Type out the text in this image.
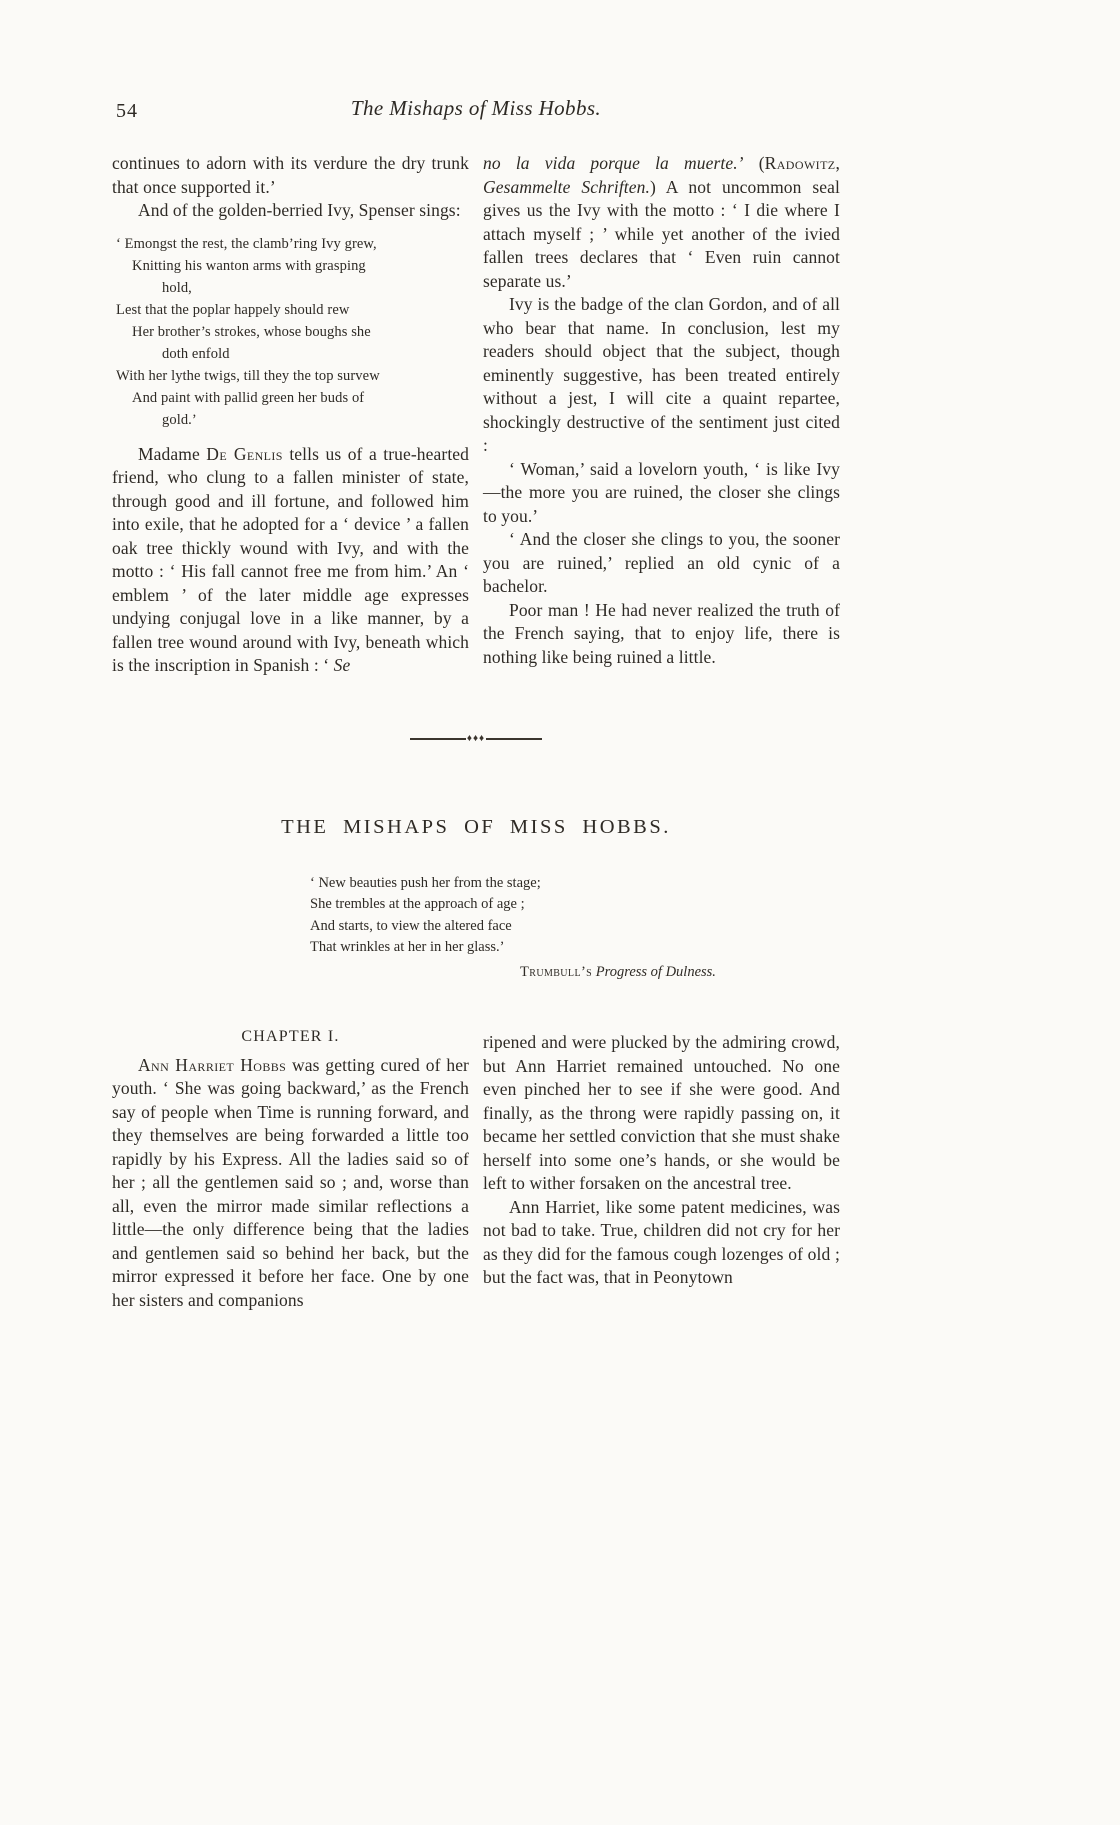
54	The Mishaps of Miss Hobbs.

continues to adorn with its verdure the dry trunk that once supported it.’

And of the golden-berried Ivy, Spenser sings:

‘ Emongst the rest, the clamb’ring Ivy grew,
Knitting his wanton arms with grasping
hold,
Lest that the poplar happely should rew
Her brother’s strokes, whose boughs she
doth enfold
With her lythe twigs, till they the top survew
And paint with pallid green her buds of
gold.’

Madame De Genlis tells us of a true-hearted friend, who clung to a fallen minister of state, through good and ill fortune, and followed him into exile, that he adopted for a ‘ device ’ a fallen oak tree thickly wound with Ivy, and with the motto : ‘ His fall cannot free me from him.’ An ‘ emblem ’ of the later middle age expresses undying conjugal love in a like manner, by a fallen tree wound around with Ivy, beneath which is the inscription in Spanish : ‘ Se

no la vida porque la muerte.’ (Radowitz, Gesammelte Schriften.) A not uncommon seal gives us the Ivy with the motto : ‘ I die where I attach myself ; ’ while yet another of the ivied fallen trees declares that ‘ Even ruin cannot separate us.’

Ivy is the badge of the clan Gordon, and of all who bear that name. In conclusion, lest my readers should object that the subject, though eminently suggestive, has been treated entirely without a jest, I will cite a quaint repartee, shockingly destructive of the sentiment just cited :

‘ Woman,’ said a lovelorn youth, ‘ is like Ivy—the more you are ruined, the closer she clings to you.’

‘ And the closer she clings to you, the sooner you are ruined,’ replied an old cynic of a bachelor.

Poor man ! He had never realized the truth of the French saying, that to enjoy life, there is nothing like being ruined a little.

♦♦♦
THE MISHAPS OF MISS HOBBS.
‘ New beauties push her from the stage;
She trembles at the approach of age ;
And starts, to view the altered face
That wrinkles at her in her glass.’
Trumbull’s Progress of Dulness.
CHAPTER I.

Ann Harriet Hobbs was getting cured of her youth. ‘ She was going backward,’ as the French say of people when Time is running forward, and they themselves are being forwarded a little too rapidly by his Express. All the ladies said so of her ; all the gentlemen said so ; and, worse than all, even the mirror made similar reflections a little—the only difference being that the ladies and gentlemen said so behind her back, but the mirror expressed it before her face. One by one her sisters and companions

ripened and were plucked by the admiring crowd, but Ann Harriet remained untouched. No one even pinched her to see if she were good. And finally, as the throng were rapidly passing on, it became her settled conviction that she must shake herself into some one’s hands, or she would be left to wither forsaken on the ancestral tree.

Ann Harriet, like some patent medicines, was not bad to take. True, children did not cry for her as they did for the famous cough lozenges of old ; but the fact was, that in Peonytown
